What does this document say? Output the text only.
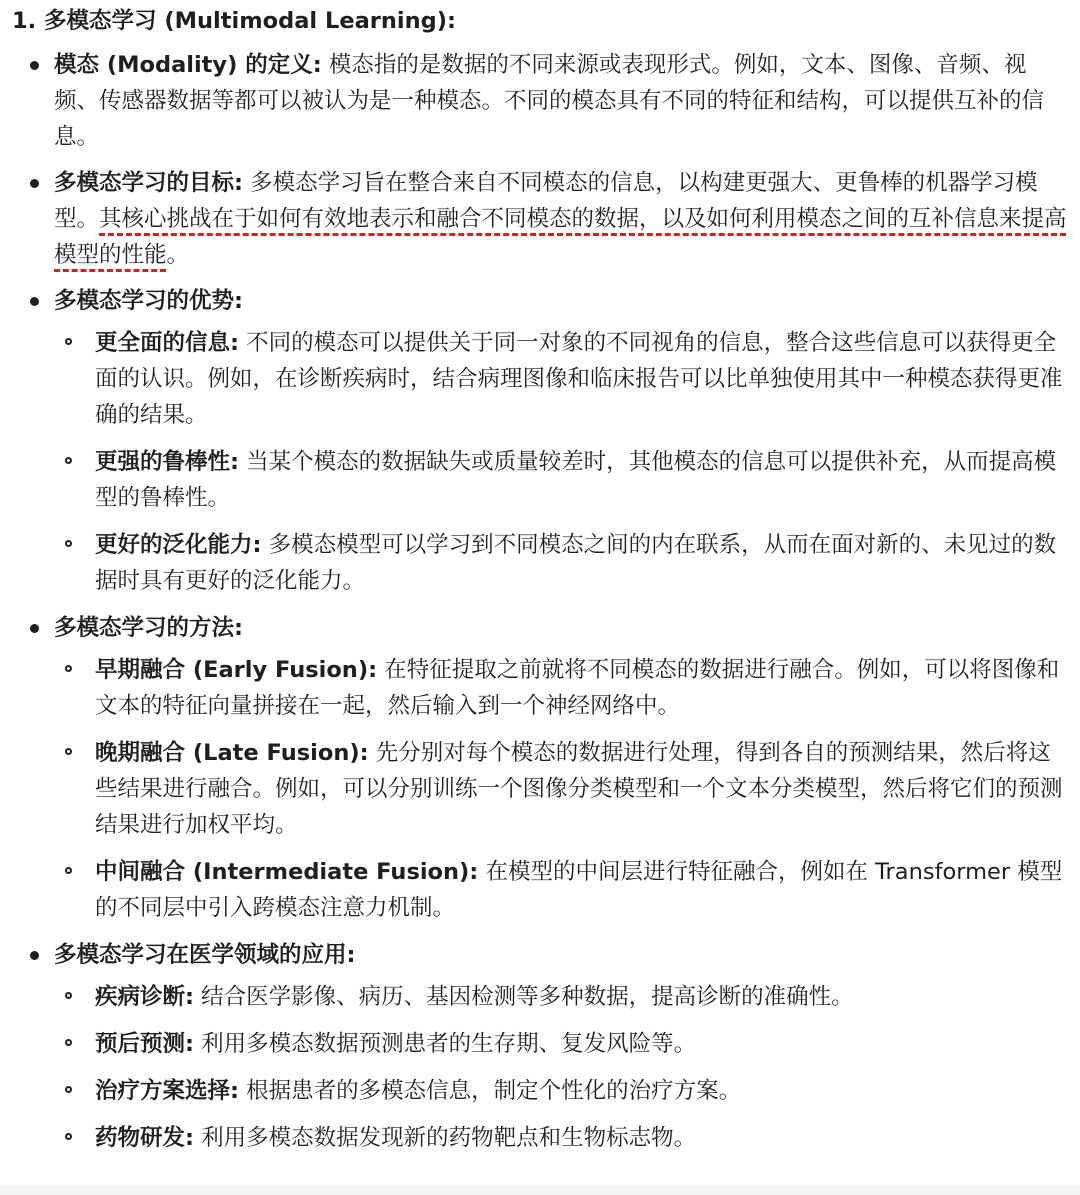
1. 多模态学习 (Multimodal Learning):
模态 (Modality) 的定义: 模态指的是数据的不同来源或表现形式。例如，文本、图像、音频、视频、传感器数据等都可以被认为是一种模态。不同的模态具有不同的特征和结构，可以提供互补的信息。
多模态学习的目标: 多模态学习旨在整合来自不同模态的信息，以构建更强大、更鲁棒的机器学习模型。其核心挑战在于如何有效地表示和融合不同模态的数据，以及如何利用模态之间的互补信息来提高模型的性能。
多模态学习的优势:
更全面的信息: 不同的模态可以提供关于同一对象的不同视角的信息，整合这些信息可以获得更全面的认识。例如，在诊断疾病时，结合病理图像和临床报告可以比单独使用其中一种模态获得更准确的结果。
更强的鲁棒性: 当某个模态的数据缺失或质量较差时，其他模态的信息可以提供补充，从而提高模型的鲁棒性。
更好的泛化能力: 多模态模型可以学习到不同模态之间的内在联系，从而在面对新的、未见过的数据时具有更好的泛化能力。
多模态学习的方法:
早期融合 (Early Fusion): 在特征提取之前就将不同模态的数据进行融合。例如，可以将图像和文本的特征向量拼接在一起，然后输入到一个神经网络中。
晚期融合 (Late Fusion): 先分别对每个模态的数据进行处理，得到各自的预测结果，然后将这些结果进行融合。例如，可以分别训练一个图像分类模型和一个文本分类模型，然后将它们的预测结果进行加权平均。
中间融合 (Intermediate Fusion): 在模型的中间层进行特征融合，例如在 Transformer 模型的不同层中引入跨模态注意力机制。
多模态学习在医学领域的应用:
疾病诊断: 结合医学影像、病历、基因检测等多种数据，提高诊断的准确性。
预后预测: 利用多模态数据预测患者的生存期、复发风险等。
治疗方案选择: 根据患者的多模态信息，制定个性化的治疗方案。
药物研发: 利用多模态数据发现新的药物靶点和生物标志物。
